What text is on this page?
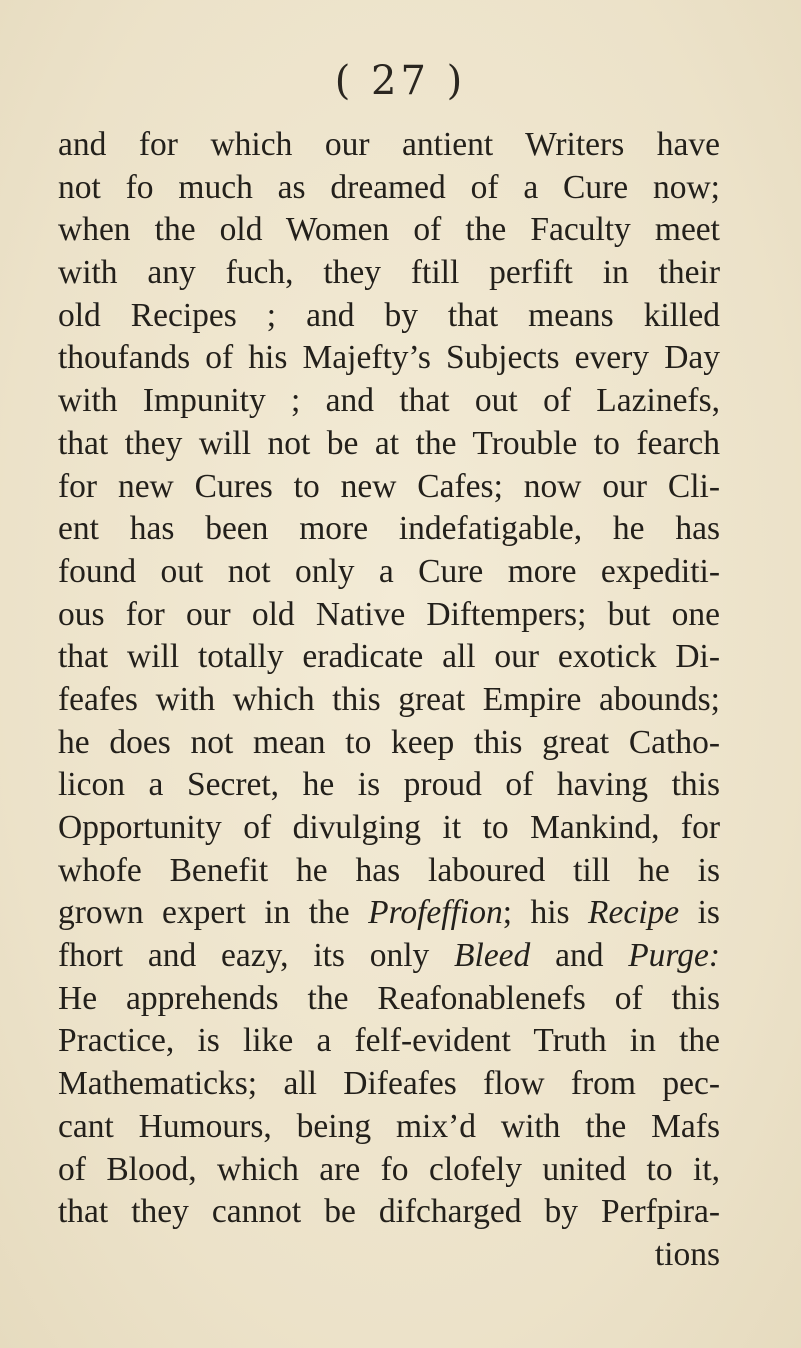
( 27 )
and for which our antient Writers have
not fo much as dreamed of a Cure now;
when the old Women of the Faculty meet
with any fuch, they ftill perfift in their
old Recipes ; and by that means killed
thoufands of his Majefty’s Subjects every Day
with Impunity ; and that out of Lazinefs,
that they will not be at the Trouble to fearch
for new Cures to new Cafes; now our Cli-
ent has been more indefatigable, he has
found out not only a Cure more expediti-
ous for our old Native Diftempers; but one
that will totally eradicate all our exotick Di-
feafes with which this great Empire abounds;
he does not mean to keep this great Catho-
licon a Secret, he is proud of having this
Opportunity of divulging it to Mankind, for
whofe Benefit he has laboured till he is
grown expert in the Profeffion; his Recipe is
fhort and eazy, its only Bleed and Purge:
He apprehends the Reafonablenefs of this
Practice, is like a felf-evident Truth in the
Mathematicks; all Difeafes flow from pec-
cant Humours, being mix’d with the Mafs
of Blood, which are fo clofely united to it,
that they cannot be difcharged by Perfpira-
tions
